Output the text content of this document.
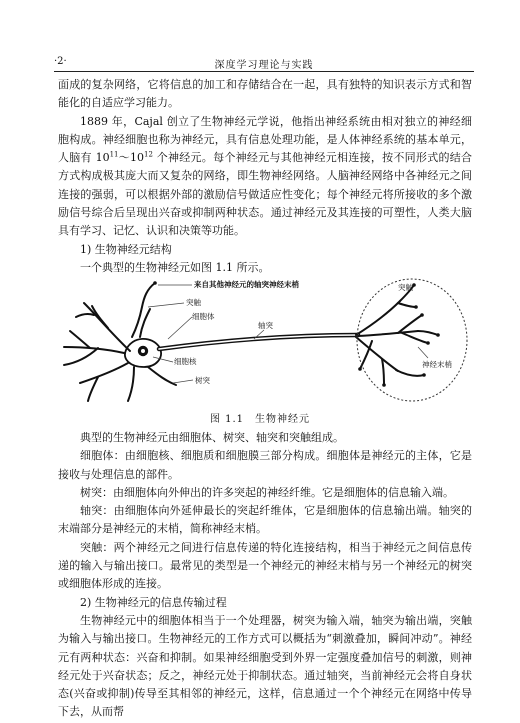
·2·	深度学习理论与实践

面成的复杂网络，它将信息的加工和存储结合在一起，具有独特的知识表示方式和智能化的自适应学习能力。

1889 年，Cajal 创立了生物神经元学说，他指出神经系统由相对独立的神经细胞构成。神经细胞也称为神经元，具有信息处理功能，是人体神经系统的基本单元，人脑有 $10^{11}\sim 10^{12}$ 个神经元。每个神经元与其他神经元相连接，按不同形式的结合方式构成极其庞大而又复杂的网络，即生物神经网络。人脑神经网络中各神经元之间连接的强弱，可以根据外部的激励信号做适应性变化；每个神经元将所接收的多个激励信号综合后呈现出兴奋或抑制两种状态。通过神经元及其连接的可塑性，人类大脑具有学习、记忆、认识和决策等功能。

1) 生物神经元结构

一个典型的生物神经元如图 1.1 所示。

来自其他神经元的轴突神经末梢
突触
细胞体
轴突
细胞核
树突
突触
神经末梢
图 1.1　生物神经元

典型的生物神经元由细胞体、树突、轴突和突触组成。

细胞体：由细胞核、细胞质和细胞膜三部分构成。细胞体是神经元的主体，它是接收与处理信息的部件。

树突：由细胞体向外伸出的许多突起的神经纤维。它是细胞体的信息输入端。

轴突：由细胞体向外延伸最长的突起纤维体，它是细胞体的信息输出端。轴突的末端部分是神经元的末梢，简称神经末梢。

突触：两个神经元之间进行信息传递的特化连接结构，相当于神经元之间信息传递的输入与输出接口。最常见的类型是一个神经元的神经末梢与另一个神经元的树突或细胞体形成的连接。

2) 生物神经元的信息传输过程

生物神经元中的细胞体相当于一个处理器，树突为输入端，轴突为输出端，突触为输入与输出接口。生物神经元的工作方式可以概括为“刺激叠加，瞬间冲动”。神经元有两种状态：兴奋和抑制。如果神经细胞受到外界一定强度叠加信号的刺激，则神经元处于兴奋状态；反之，神经元处于抑制状态。通过轴突，当前神经元会将自身状态(兴奋或抑制)传导至其相邻的神经元，这样，信息通过一个个神经元在网络中传导下去，从而帮
